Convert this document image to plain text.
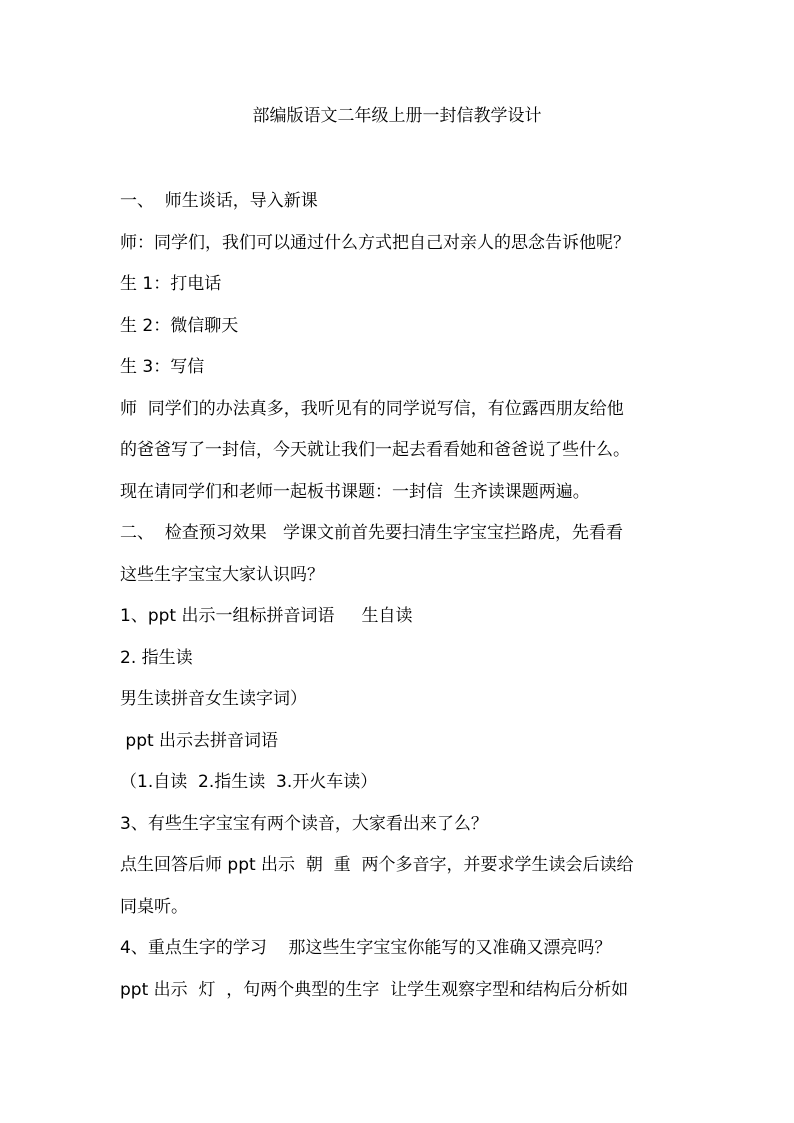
部编版语文二年级上册一封信教学设计

一、  师生谈话，导入新课

师：同学们，我们可以通过什么方式把自己对亲人的思念告诉他呢？

生 1：打电话

生 2：微信聊天

生 3：写信

师  同学们的办法真多，我听见有的同学说写信，有位露西朋友给他

的爸爸写了一封信，今天就让我们一起去看看她和爸爸说了些什么。

现在请同学们和老师一起板书课题：一封信  生齐读课题两遍。

二、  检查预习效果   学课文前首先要扫清生字宝宝拦路虎，先看看

这些生字宝宝大家认识吗？

1、ppt 出示一组标拼音词语     生自读

2. 指生读

男生读拼音女生读字词）

ppt 出示去拼音词语

（1.自读  2.指生读  3.开火车读）

3、有些生字宝宝有两个读音，大家看出来了么？

点生回答后师 ppt 出示  朝  重  两个多音字，并要求学生读会后读给

同桌听。

4、重点生字的学习    那这些生字宝宝你能写的又准确又漂亮吗？

ppt 出示  灯  ，句两个典型的生字  让学生观察字型和结构后分析如
